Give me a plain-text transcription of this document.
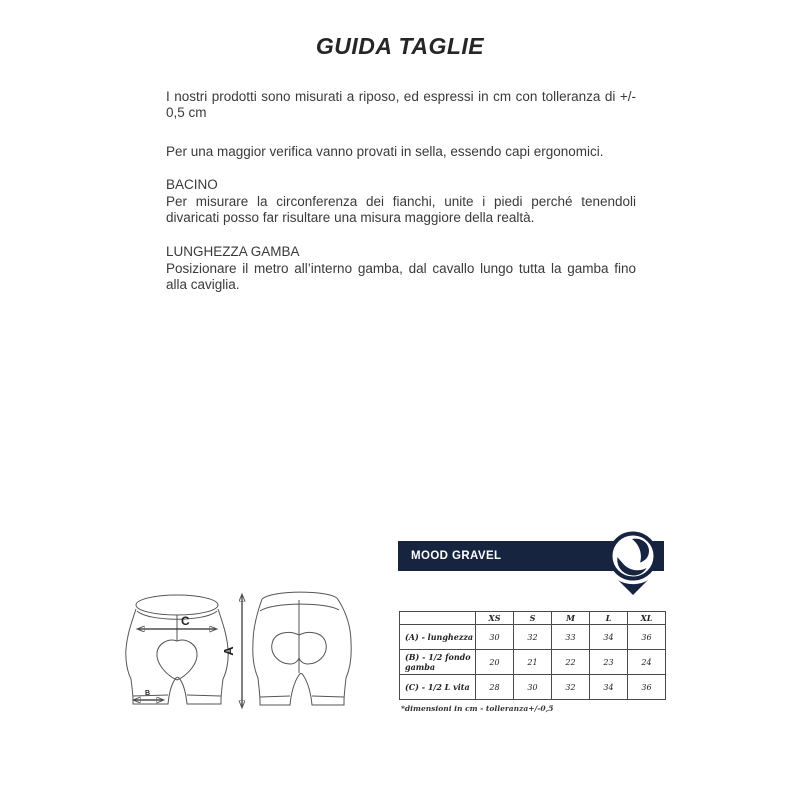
GUIDA TAGLIE

I nostri prodotti sono misurati a riposo, ed espressi in cm con tolleranza di +/- 0,5 cm

Per una maggior verifica vanno provati in sella, essendo capi ergonomici.

BACINO

Per misurare la circonferenza dei fianchi, unite i piedi perché tenendoli divaricati posso far risultare una misura maggiore della realtà.

LUNGHEZZA GAMBA

Posizionare il metro all’interno gamba, dal cavallo lungo tutta la gamba fino alla caviglia.

C
B
A
MOOD GRAVEL
	XS	S	M	L	XL
(A) - lunghezza	30	32	33	34	36
(B) - 1/2 fondo gamba	20	21	22	23	24
(C) - 1/2 L vita	28	30	32	34	36
*dimensioni in cm - tolleranza+/-0,5
